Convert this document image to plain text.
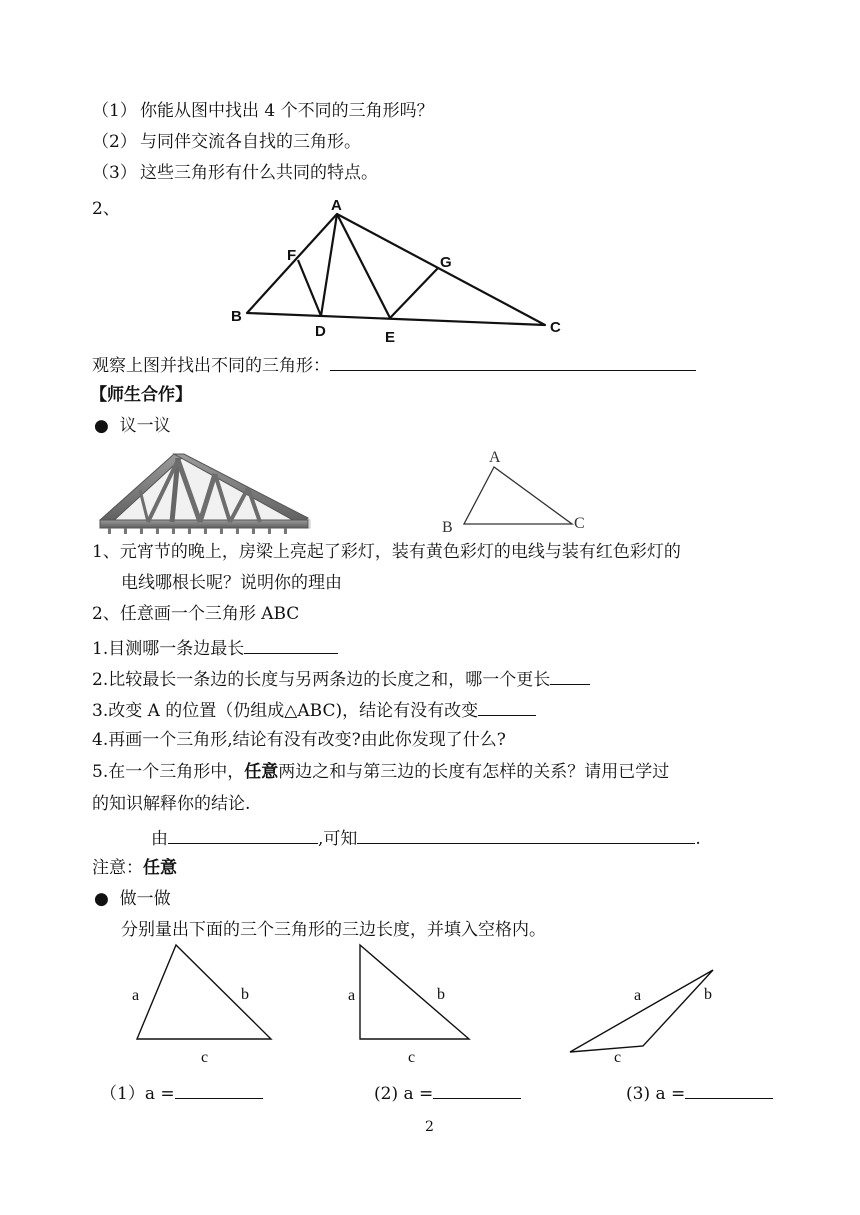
（1） 你能从图中找出 4 个不同的三角形吗？
（2） 与同伴交流各自找的三角形。
（3） 这些三角形有什么共同的特点。
2、	A
B
C
D	E
F	G
观察上图并找出不同的三角形：
【师生合作】
● 议一议
A
B	C
1、元宵节的晚上，房梁上亮起了彩灯，装有黄色彩灯的电线与装有红色彩灯的
电线哪根长呢？说明你的理由
2、任意画一个三角形 ABC
1.目测哪一条边最长
2.比较最长一条边的长度与另两条边的长度之和，哪一个更长
3.改变 A 的位置（仍组成△ABC)，结论有没有改变
4.再画一个三角形,结论有没有改变?由此你发现了什么?
5.在一个三角形中，任意两边之和与第三边的长度有怎样的关系？请用已学过
的知识解释你的结论.
由	,可知	.
注意：任意
● 做一做
分别量出下面的三个三角形的三边长度，并填入空格内。
a	b
c
a	b
c
a	b
c
（1）a =	(2) a =	(3) a =
2
